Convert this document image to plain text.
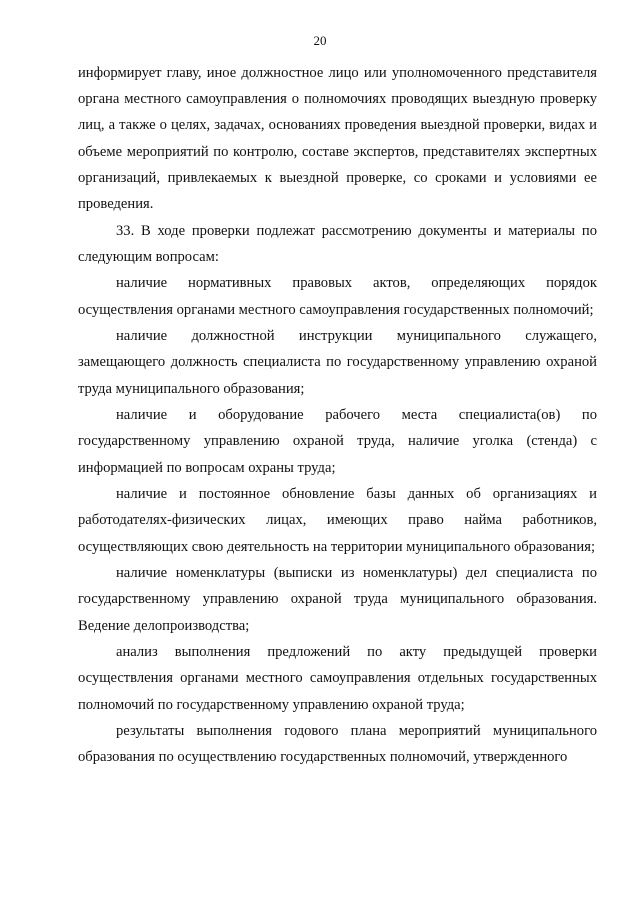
20

информирует главу, иное должностное лицо или уполномоченного представителя органа местного самоуправления о полномочиях проводящих выездную проверку лиц, а также о целях, задачах, основаниях проведения выездной проверки, видах и объеме мероприятий по контролю, составе экспертов, представителях экспертных организаций, привлекаемых к выездной проверке, со сроками и условиями ее проведения.

33. В ходе проверки подлежат рассмотрению документы и материалы по следующим вопросам:

наличие нормативных правовых актов, определяющих порядок осуществления органами местного самоуправления государственных полномочий;

наличие должностной инструкции муниципального служащего, замещающего должность специалиста по государственному управлению охраной труда муниципального образования;

наличие и оборудование рабочего места специалиста(ов) по государственному управлению охраной труда, наличие уголка (стенда) с информацией по вопросам охраны труда;

наличие и постоянное обновление базы данных об организациях и работодателях-физических лицах, имеющих право найма работников, осуществляющих свою деятельность на территории муниципального образования;

наличие номенклатуры (выписки из номенклатуры) дел специалиста по государственному управлению охраной труда муниципального образования. Ведение делопроизводства;

анализ выполнения предложений по акту предыдущей проверки осуществления органами местного самоуправления отдельных государственных полномочий по государственному управлению охраной труда;

результаты выполнения годового плана мероприятий муниципального образования по осуществлению государственных полномочий, утвержденного
